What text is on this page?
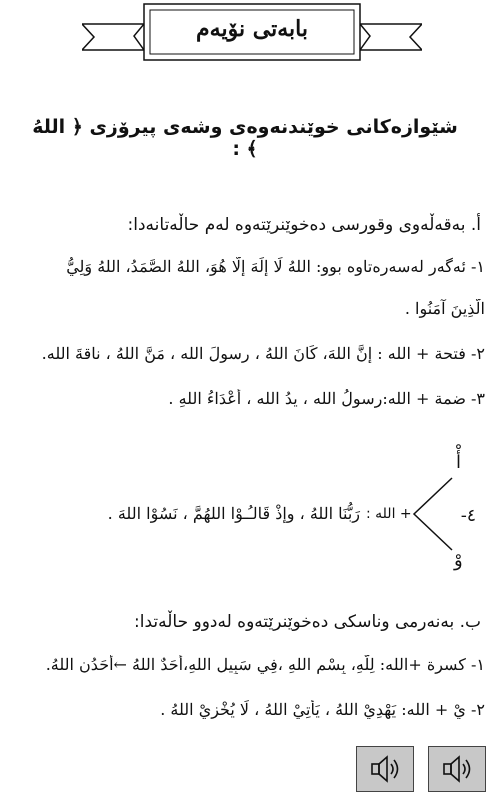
بابەتی نۆیەم
شێوازەکانی خوێندنەوەی وشەی پیرۆزی ﴿ اللهُ ﴾ :
أ. بەقەڵەوی وقورسی دەخوێنرێتەوە لەم حاڵەتانەدا:
١- ئەگەر لەسەرەتاوە بوو: اللهُ لَا إِلَهَ إِلَّا هُوَ، اللهُ الصَّمَدُ، اللهُ وَلِيُّ
الَّذِينَ آمَنُوا .
٢- فتحة + الله : إِنَّ اللهَ، كَانَ اللهُ ، رسولَ الله ، مَنَّ اللهُ ، ناقةَ الله.
٣- ضمة + الله:رسولُ الله ، يدُ الله ، أَعْدَاءُ اللهِ .
أْ
وْ
٤-
+ الله :
رَبُّنَا اللهُ ، وإذْ قَالـُـوْا اللهُمَّ ، نَسُوْا اللهَ .
ب. بەنەرمی وناسکی دەخوێنرێتەوە لەدوو حاڵەتدا:
١- كسرة +الله: لِلّهِ، بِسْمِ اللهِ ،فِي سَبِيلِ اللهِ،أَحَدٌ اللهُ ←أحَدُنِ اللهُ.
٢- يْ + الله: يَهْدِيْ اللهُ ، يَأْتِيْ اللهُ ، لَا يُخْزِيْ اللهُ .
